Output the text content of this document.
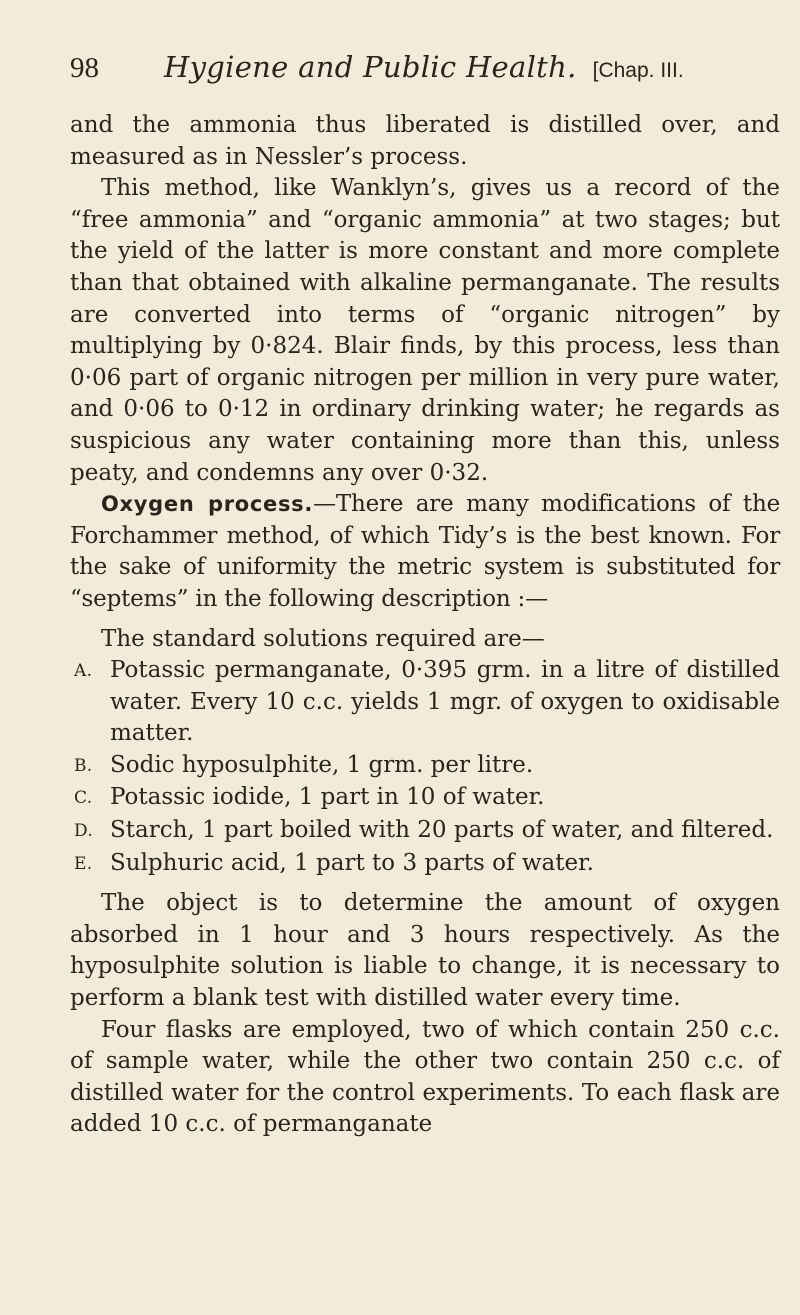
98	Hygiene and Public Health. [Chap. III.

and the ammonia thus liberated is distilled over, and measured as in Nessler’s process.

This method, like Wanklyn’s, gives us a record of the “free ammonia” and “organic ammonia” at two stages; but the yield of the latter is more constant and more complete than that obtained with alkaline permanganate. The results are converted into terms of “organic nitrogen” by multiplying by 0·824. Blair finds, by this process, less than 0·06 part of organic nitrogen per million in very pure water, and 0·06 to 0·12 in ordinary drinking water; he regards as suspicious any water containing more than this, unless peaty, and condemns any over 0·32.

Oxygen process.—There are many modifications of the Forchammer method, of which Tidy’s is the best known. For the sake of uniformity the metric system is substituted for “septems” in the following description :—

The standard solutions required are—

A. Potassic permanganate, 0·395 grm. in a litre of distilled water. Every 10 c.c. yields 1 mgr. of oxygen to oxidisable matter.
B. Sodic hyposulphite, 1 grm. per litre.
C. Potassic iodide, 1 part in 10 of water.
D. Starch, 1 part boiled with 20 parts of water, and filtered.
E. Sulphuric acid, 1 part to 3 parts of water.

The object is to determine the amount of oxygen absorbed in 1 hour and 3 hours respectively. As the hyposulphite solution is liable to change, it is necessary to perform a blank test with distilled water every time.

Four flasks are employed, two of which contain 250 c.c. of sample water, while the other two contain 250 c.c. of distilled water for the control experiments. To each flask are added 10 c.c. of permanganate
